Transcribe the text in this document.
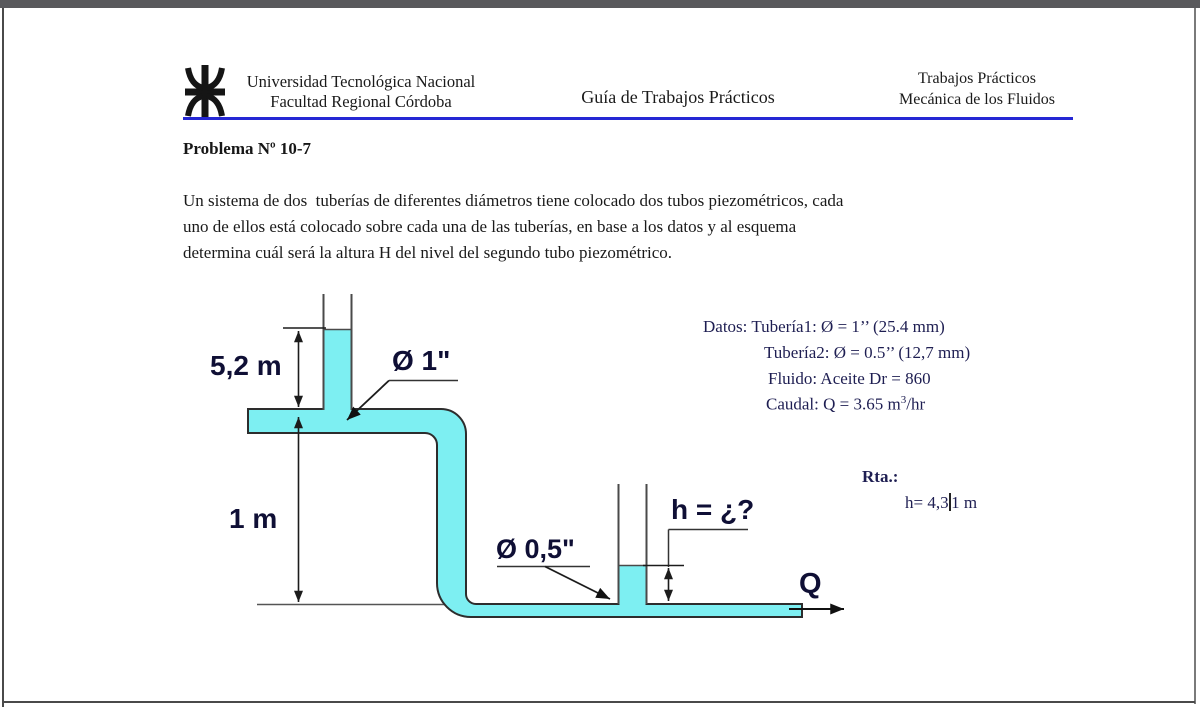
Universidad Tecnológica Nacional
Facultad Regional Córdoba	Guía de Trabajos Prácticos
Trabajos Prácticos
Mecánica de los Fluidos
Problema Nº 10-7
Un sistema de dos  tuberías de diferentes diámetros tiene colocado dos tubos piezométricos, cada
uno de ellos está colocado sobre cada una de las tuberías, en base a los datos y al esquema
determina cuál será la altura H del nivel del segundo tubo piezométrico.
Datos: Tubería1: Ø = 1’’ (25.4 mm)
Tubería2: Ø = 0.5’’ (12,7 mm)
Fluido: Aceite Dr = 860
Caudal: Q = 3.65 $m^3/hr$
Rta.:
h= 4,3 1 m
5,2 m	Ø 1"
1 m
Ø 0,5"
h = ¿?
Q
